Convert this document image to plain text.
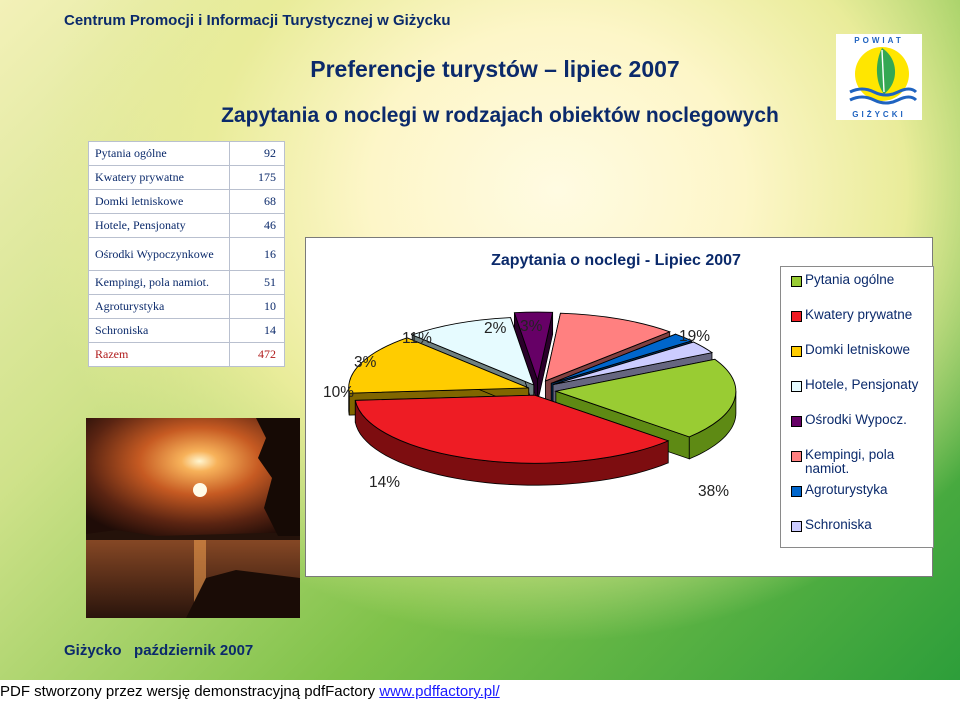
Centrum Promocji i Informacji Turystycznej w Giżycku
POWIAT
GIŻYCKI
Preferencje turystów – lipiec 2007
Zapytania o noclegi w rodzajach obiektów noclegowych
Pytania ogólne	92
Kwatery prywatne	175
Domki letniskowe	68
Hotele, Pensjonaty	46
Ośrodki Wypoczynkowe	16
Kempingi, pola namiot.	51
Agroturystyka	10
Schroniska	14
Razem	472
Zapytania o noclegi - Lipiec 2007
Pytania ogólne
Kwatery prywatne
Domki letniskowe
Hotele, Pensjonaty
Ośrodki Wypocz.
Kempingi, pola namiot.
Agroturystyka
Schroniska
19%
38%
14%
10%
3%
11%
2% 3%
Giżycko   październik 2007
PDF stworzony przez wersję demonstracyjną pdfFactory www.pdffactory.pl/
